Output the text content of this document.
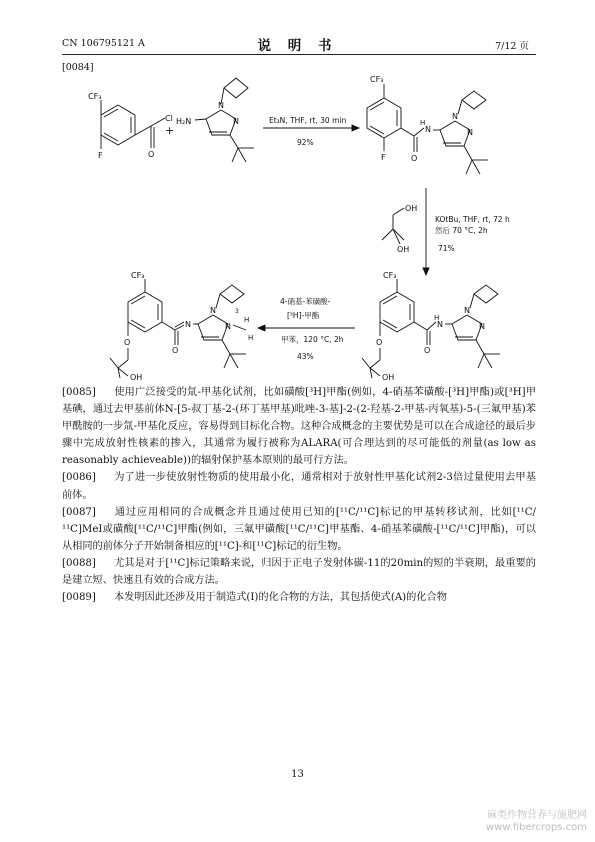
CN 106795121 A	说 明 书	7/12 页
[0084]
CF₃
F	O
Cl
+
H₂N
N
N	Et₃N, THF, rt, 30 min
92%
CF₃
F	O
H
N
N
N
KOtBu, THF, rt, 72 h
然后 70 °C, 2h
71%
OH
OH
CF₃
O
H
N
N
N
O
OH
4-硝基-苯磺酸-
[³H]-甲酯
甲苯，120 °C, 2h
43%
CF₃
O
N
N
N
H
3
H
O
OH

[0085] 使用广泛接受的氚-甲基化试剂，比如磺酸[³H]甲酯(例如，4-硝基苯磺酸-[³H]甲酯)或[³H]甲基碘，通过去甲基前体N-[5-叔丁基-2-(环丁基甲基)吡唑-3-基]-2-(2-羟基-2-甲基-丙氧基)-5-(三氟甲基)苯甲酰胺的一步氚-甲基化反应，容易得到目标化合物。这种合成概念的主要优势是可以在合成途径的最后步骤中完成放射性核素的掺入，其通常为履行被称为ALARA(可合理达到的尽可能低的剂量(as low as reasonably achieveable))的辐射保护基本原则的最可行方法。

[0086] 为了进一步使放射性物质的使用最小化，通常相对于放射性甲基化试剂2-3倍过量使用去甲基前体。

[0087] 通过应用相同的合成概念并且通过使用已知的[¹¹C/¹¹C]标记的甲基转移试剂，比如[¹¹C/¹¹C]MeI或磺酸[¹¹C/¹¹C]甲酯(例如，三氟甲磺酸[¹¹C/¹¹C]甲基酯、4-硝基苯磺酸-[¹¹C/¹¹C]甲酯)，可以从相同的前体分子开始制备相应的[¹¹C]-和[¹¹C]标记的衍生物。

[0088] 尤其是对于[¹¹C]标记策略来说，归因于正电子发射体碳-11的20min的短的半衰期，最重要的是建立短、快速且有效的合成方法。

[0089] 本发明因此还涉及用于制造式(I)的化合物的方法，其包括使式(A)的化合物

13
麻类作物营养与施肥网
www.fibercrops.com
